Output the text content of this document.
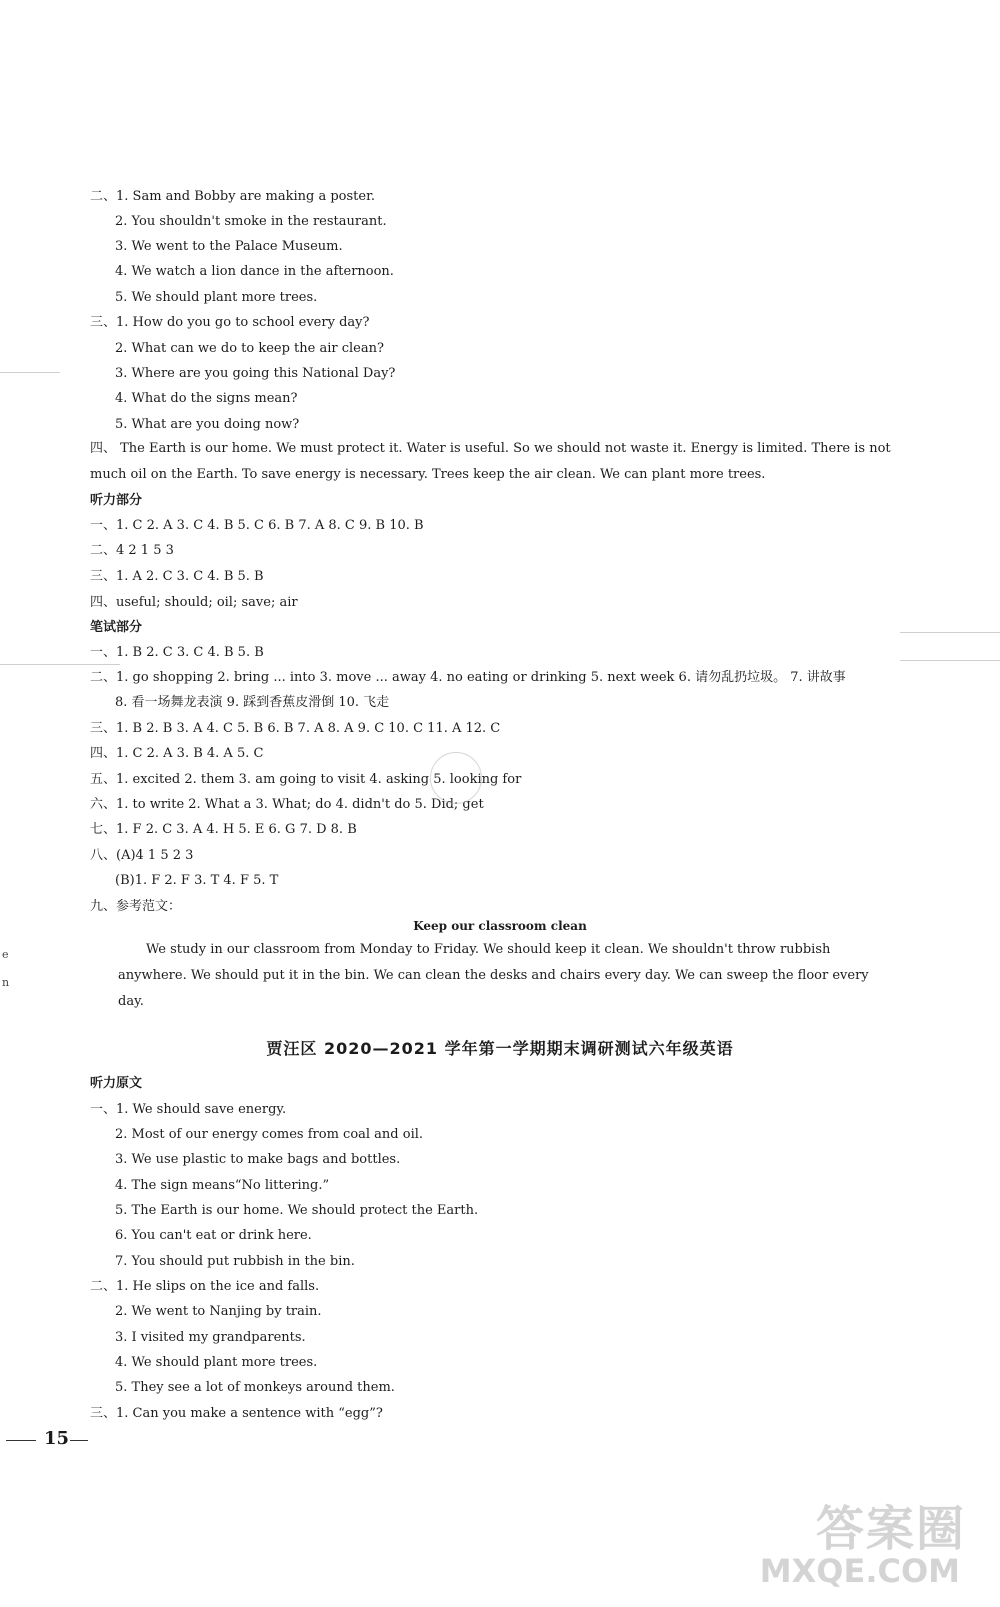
二、1. Sam and Bobby are making a poster.
2. You shouldn't smoke in the restaurant.
3. We went to the Palace Museum.
4. We watch a lion dance in the afternoon.
5. We should plant more trees.
三、1. How do you go to school every day?
2. What can we do to keep the air clean?
3. Where are you going this National Day?
4. What do the signs mean?
5. What are you doing now?
四、 The Earth is our home. We must protect it. Water is useful. So we should not waste it. Energy is limited. There is not
much oil on the Earth. To save energy is necessary. Trees keep the air clean. We can plant more trees.
听力部分
一、1. C 2. A 3. C 4. B 5. C 6. B 7. A 8. C 9. B 10. B
二、4 2 1 5 3
三、1. A 2. C 3. C 4. B 5. B
四、useful; should; oil; save; air
笔试部分
一、1. B 2. C 3. C 4. B 5. B
二、1. go shopping 2. bring ... into 3. move ... away 4. no eating or drinking 5. next week 6. 请勿乱扔垃圾。 7. 讲故事
8. 看一场舞龙表演 9. 踩到香蕉皮滑倒 10. 飞走
三、1. B 2. B 3. A 4. C 5. B 6. B 7. A 8. A 9. C 10. C 11. A 12. C
四、1. C 2. A 3. B 4. A 5. C
五、1. excited 2. them 3. am going to visit 4. asking 5. looking for
六、1. to write 2. What a 3. What; do 4. didn't do 5. Did; get
七、1. F 2. C 3. A 4. H 5. E 6. G 7. D 8. B
八、(A)4 1 5 2 3
(B)1. F 2. F 3. T 4. F 5. T
九、参考范文：
听力原文
一、1. We should save energy.
2. Most of our energy comes from coal and oil.
3. We use plastic to make bags and bottles.
4. The sign means“No littering.”
5. The Earth is our home. We should protect the Earth.
6. You can't eat or drink here.
7. You should put rubbish in the bin.
二、1. He slips on the ice and falls.
2. We went to Nanjing by train.
3. I visited my grandparents.
4. We should plant more trees.
5. They see a lot of monkeys around them.
三、1. Can you make a sentence with “egg”?
Keep our classroom clean
We study in our classroom from Monday to Friday. We should keep it clean. We shouldn't throw rubbish anywhere. We should put it in the bin. We can clean the desks and chairs every day. We can sweep the floor every day.
贾汪区 2020—2021 学年第一学期期末调研测试六年级英语
15
e
n
答案圈
MXQE.COM
